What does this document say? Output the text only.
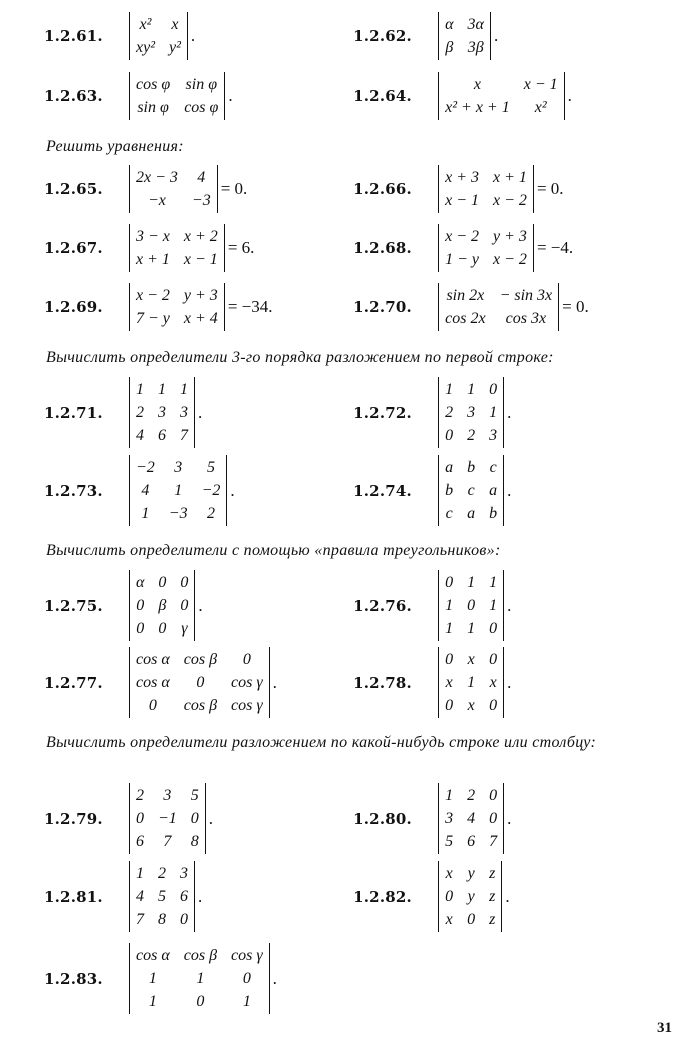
1.2.61.
x²	x
xy²	y²
.	1.2.62.
α	3α
β	3β
.
1.2.63.
cos φ	sin φ
sin φ	cos φ
.	1.2.64.
x	x − 1
x² + x + 1	x²
.
Решить уравнения:
1.2.65.
2x − 3	4
−x	−3
= 0.	1.2.66.
x + 3	x + 1
x − 1	x − 2
= 0.
1.2.67.
3 − x	x + 2
x + 1	x − 1
= 6.	1.2.68.
x − 2	y + 3
1 − y	x − 2
= −4.
1.2.69.
x − 2	y + 3
7 − y	x + 4
= −34.	1.2.70.
sin 2x	− sin 3x
cos 2x	cos 3x
= 0.
Вычислить определители 3-го порядка разложением по первой строке:
1.2.71.
1	1	1
2	3	3
4	6	7
.	1.2.72.
1	1	0
2	3	1
0	2	3
.
1.2.73.
−2	3	5
4	1	−2
1	−3	2
.	1.2.74.
a	b	c
b	c	a
c	a	b
.
Вычислить определители с помощью «правила треугольников»:
1.2.75.
α	0	0
0	β	0
0	0	γ
.	1.2.76.
0	1	1
1	0	1
1	1	0
.
1.2.77.
cos α	cos β	0
cos α	0	cos γ
0	cos β	cos γ
.	1.2.78.
0	x	0
x	1	x
0	x	0
.
Вычислить определители разложением по какой-нибудь строке или столбцу:
1.2.79.
2	3	5
0	−1	0
6	7	8
.	1.2.80.
1	2	0
3	4	0
5	6	7
.
1.2.81.
1	2	3
4	5	6
7	8	0
.	1.2.82.
x	y	z
0	y	z
x	0	z
.
1.2.83.
cos α	cos β	cos γ
1	1	0
1	0	1
.
31
